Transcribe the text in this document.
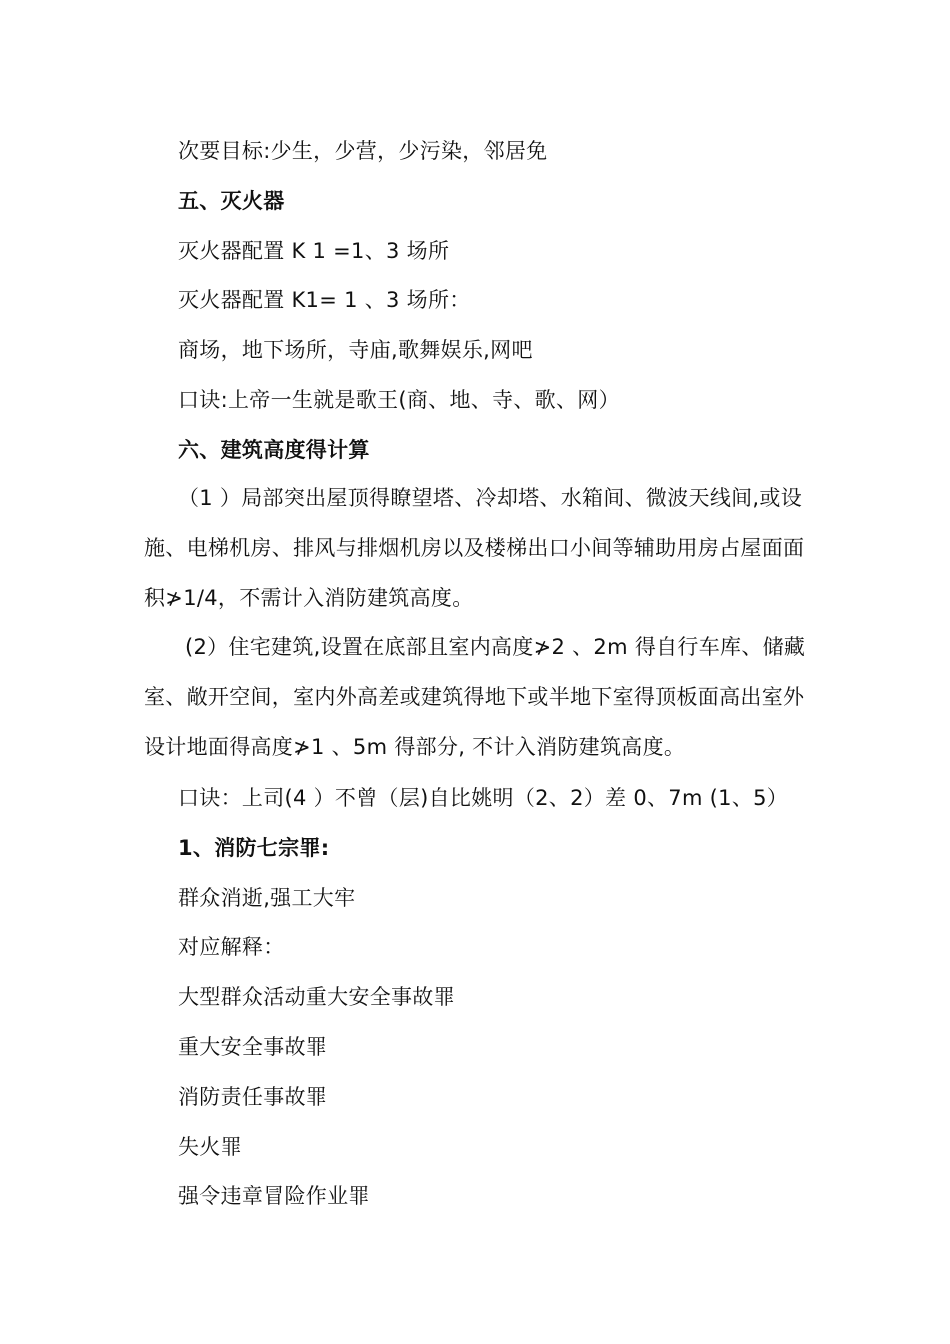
次要目标:少生，少营，少污染，邻居免
五、灭火器
灭火器配置 K 1 =1、3 场所
灭火器配置 K1= 1 、3 场所：
商场，地下场所，寺庙,歌舞娱乐,网吧
口诀:上帝一生就是歌王(商、地、寺、歌、网）
六、建筑高度得计算
（1 ）局部突出屋顶得瞭望塔、冷却塔、水箱间、微波天线间,或设施、电梯机房、排风与排烟机房以及楼梯出口小间等辅助用房占屋面面积≯1/4，不需计入消防建筑高度。
(2）住宅建筑,设置在底部且室内高度≯2 、2m 得自行车库、储藏室、敞开空间，室内外高差或建筑得地下或半地下室得顶板面高出室外设计地面得高度≯1 、5m 得部分, 不计入消防建筑高度。
口诀：上司(4 ）不曾（层)自比姚明（2、2）差 0、7m (1、5）
1、消防七宗罪:
群众消逝,强工大牢
对应解释：
大型群众活动重大安全事故罪
重大安全事故罪
消防责任事故罪
失火罪
强令违章冒险作业罪
